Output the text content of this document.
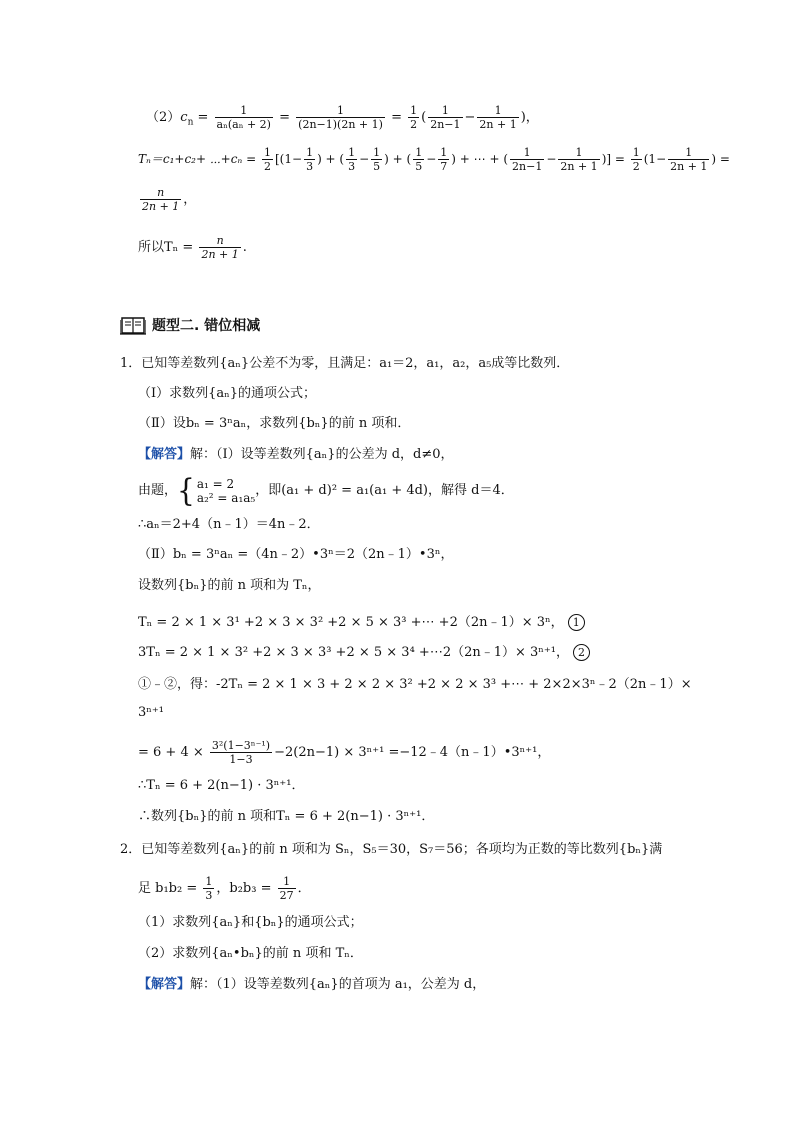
$(2)c_n = \frac{1}{\text{aₙ(aₙ + 2)}} = \frac{1}{(2n-1)(2n + 1)} = \frac{1}{2}$ ( $\frac{1}{2n-1} - \frac{1}{2n + 1}$ )，
Tₙ＝c₁+c₂+ ⋯+cₙ = $\frac{1}{2} [(1- \frac{1}{3}$ ) + ( $\frac{1}{3} - \frac{1}{5}$ ) + ( $\frac{1}{5} - \frac{1}{7}$ ) + ⋯ + ( $\frac{1}{2n-1} - \frac{1}{2n + 1}$ )] = $\frac{1}{2} (1- \frac{1}{2n + 1}$ ) =
$\frac{n}{2n + 1}$ ，
所以$T_n = \frac{n}{2n + 1}$ .
题型二. 错位相减
1．已知等差数列{aₙ}公差不为零，且满足：a₁＝2，a₁，a₂，a₅成等比数列．
（Ⅰ）求数列{aₙ}的通项公式；
（Ⅱ）设bₙ = 3ⁿaₙ，求数列{bₙ}的前 n 项和．
【解答】解：（Ⅰ）设等差数列{aₙ}的公差为 d，d≠0，
由题，{ a₁ = 2
a₂² = a₁a₅ ，即(a₁ + d)² = a₁(a₁ + 4d)，解得 d＝4．
∴aₙ＝2+4（n﹣1）＝4n﹣2．
（Ⅱ）bₙ = 3ⁿaₙ =（4n﹣2）•3ⁿ＝2（2n﹣1）•3ⁿ，
设数列{bₙ}的前 n 项和为 Tₙ，
Tₙ = 2 × 1 × 3¹ +2 × 3 × 3² +2 × 5 × 3³ +⋯ +2（2n﹣1）× 3ⁿ， 1
3Tₙ = 2 × 1 × 3² +2 × 3 × 3³ +2 × 5 × 3⁴ +⋯2（2n﹣1）× 3ⁿ⁺¹， 2
①﹣②，得：-2Tₙ = 2 × 1 × 3 + 2 × 2 × 3² +2 × 2 × 3³ +⋯ + 2×2×3ⁿ﹣2（2n﹣1）×
3ⁿ⁺¹
= $6 + 4 \times \frac{\text{3²(1−3ⁿ⁻¹)}}{1-3} -2(2n-1) \times 3^{n+1}$ =−12﹣4（n﹣1）•3ⁿ⁺¹，
∴Tₙ = 6 + 2(n−1) · 3ⁿ⁺¹．
∴数列{bₙ}的前 n 项和Tₙ = 6 + 2(n−1) · 3ⁿ⁺¹．
2．已知等差数列{aₙ}的前 n 项和为 Sₙ，S₅＝30，S₇＝56；各项均为正数的等比数列{bₙ}满
足 $b_1b_2 = \frac{1}{3}$ ，$b_2b_3 = \frac{1}{27}$ ．
（1）求数列{aₙ}和{bₙ}的通项公式；
（2）求数列{aₙ•bₙ}的前 n 项和 Tₙ．
【解答】解：（1）设等差数列{aₙ}的首项为 a₁，公差为 d，
